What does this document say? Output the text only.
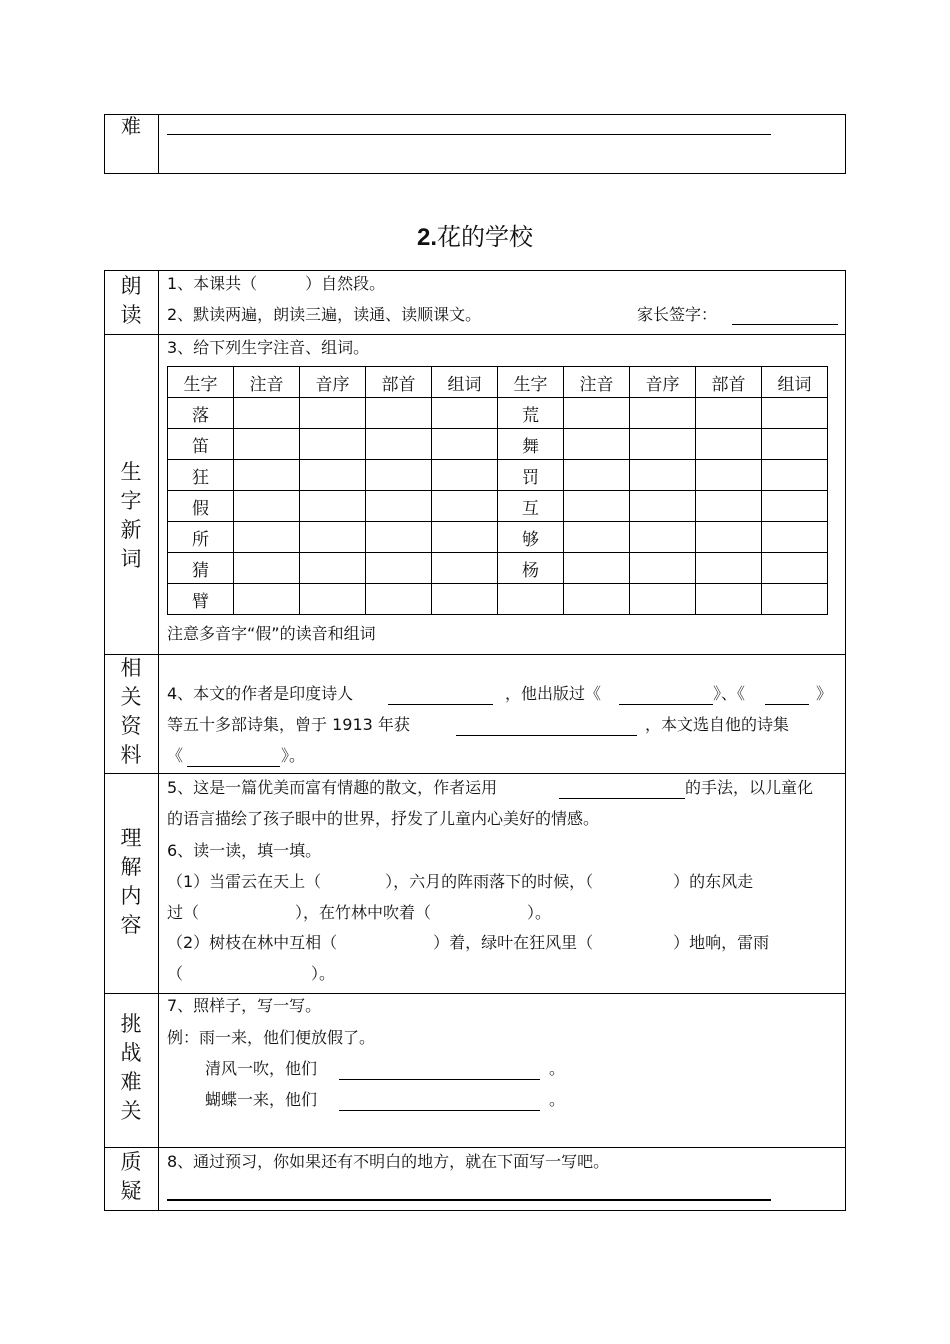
难
2.花的学校
朗读
1、本课共（　　　）自然段。
2、默读两遍，朗读三遍，读通、读顺课文。	家长签字：
生字新词
3、给下列生字注音、组词。
生字	注音	音序	部首	组词	生字	注音	音序	部首	组词
落					荒				
笛					舞				
狂					罚				
假					互				
所					够				
猜					杨				
臂									
注意多音字“假”的读音和组词
相关资料
4、本文的作者是印度诗人	，他出版过《	》、《	》
等五十多部诗集，曾于 1913 年获	，本文选自他的诗集
《	》。
理解内容
5、这是一篇优美而富有情趣的散文，作者运用	的手法，以儿童化
的语言描绘了孩子眼中的世界，抒发了儿童内心美好的情感。
6、读一读，填一填。
（1）当雷云在天上（　　　　），六月的阵雨落下的时候，（　　　　　）的东风走
过（　　　　　　），在竹林中吹着（　　　　　　）。
（2）树枝在林中互相（　　　　　　）着，绿叶在狂风里（　　　　　）地响，雷雨
（　　　　　　　　）。
挑战难关
7、照样子，写一写。
例：雨一来，他们便放假了。
清风一吹，他们	。
蝴蝶一来，他们	。
质疑
8、通过预习，你如果还有不明白的地方，就在下面写一写吧。
